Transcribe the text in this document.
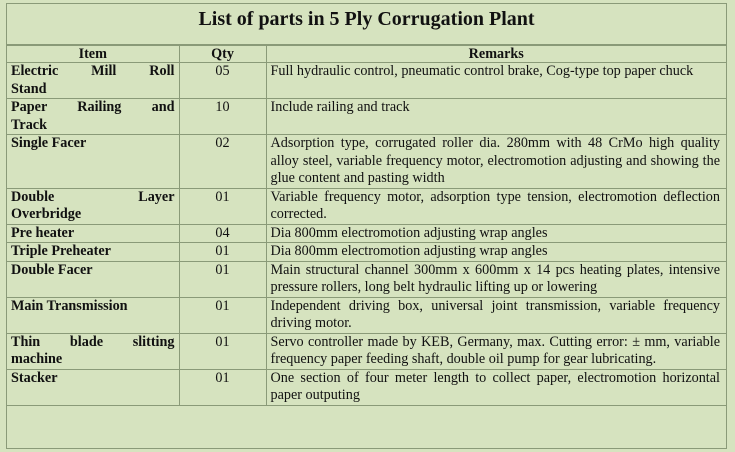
List of parts in 5 Ply Corrugation Plant
Item	Qty	Remarks

Electric Mill Roll
Stand	05	Full hydraulic control, pneumatic control brake, Cog-type top paper chuck

Paper Railing and
Track	10	Include railing and track

Single Facer	02	Adsorption type, corrugated roller dia. 280mm with 48 CrMo high quality alloy steel, variable frequency motor, electromotion adjusting and showing the glue content and pasting width

Double Layer
Overbridge	01	Variable frequency motor, adsorption type tension, electromotion deflection corrected.

Pre heater	04	Dia 800mm electromotion adjusting wrap angles

Triple Preheater	01	Dia 800mm electromotion adjusting wrap angles

Double Facer	01	Main structural channel 300mm x 600mm x 14 pcs heating plates, intensive pressure rollers, long belt hydraulic lifting up or lowering

Main Transmission	01	Independent driving box, universal joint transmission, variable frequency driving motor.

Thin blade slitting
machine	01	Servo controller made by KEB, Germany, max. Cutting error: ± mm, variable frequency paper feeding shaft, double oil pump for gear lubricating.

Stacker	01	One section of four meter length to collect paper, electromotion horizontal paper outputing
